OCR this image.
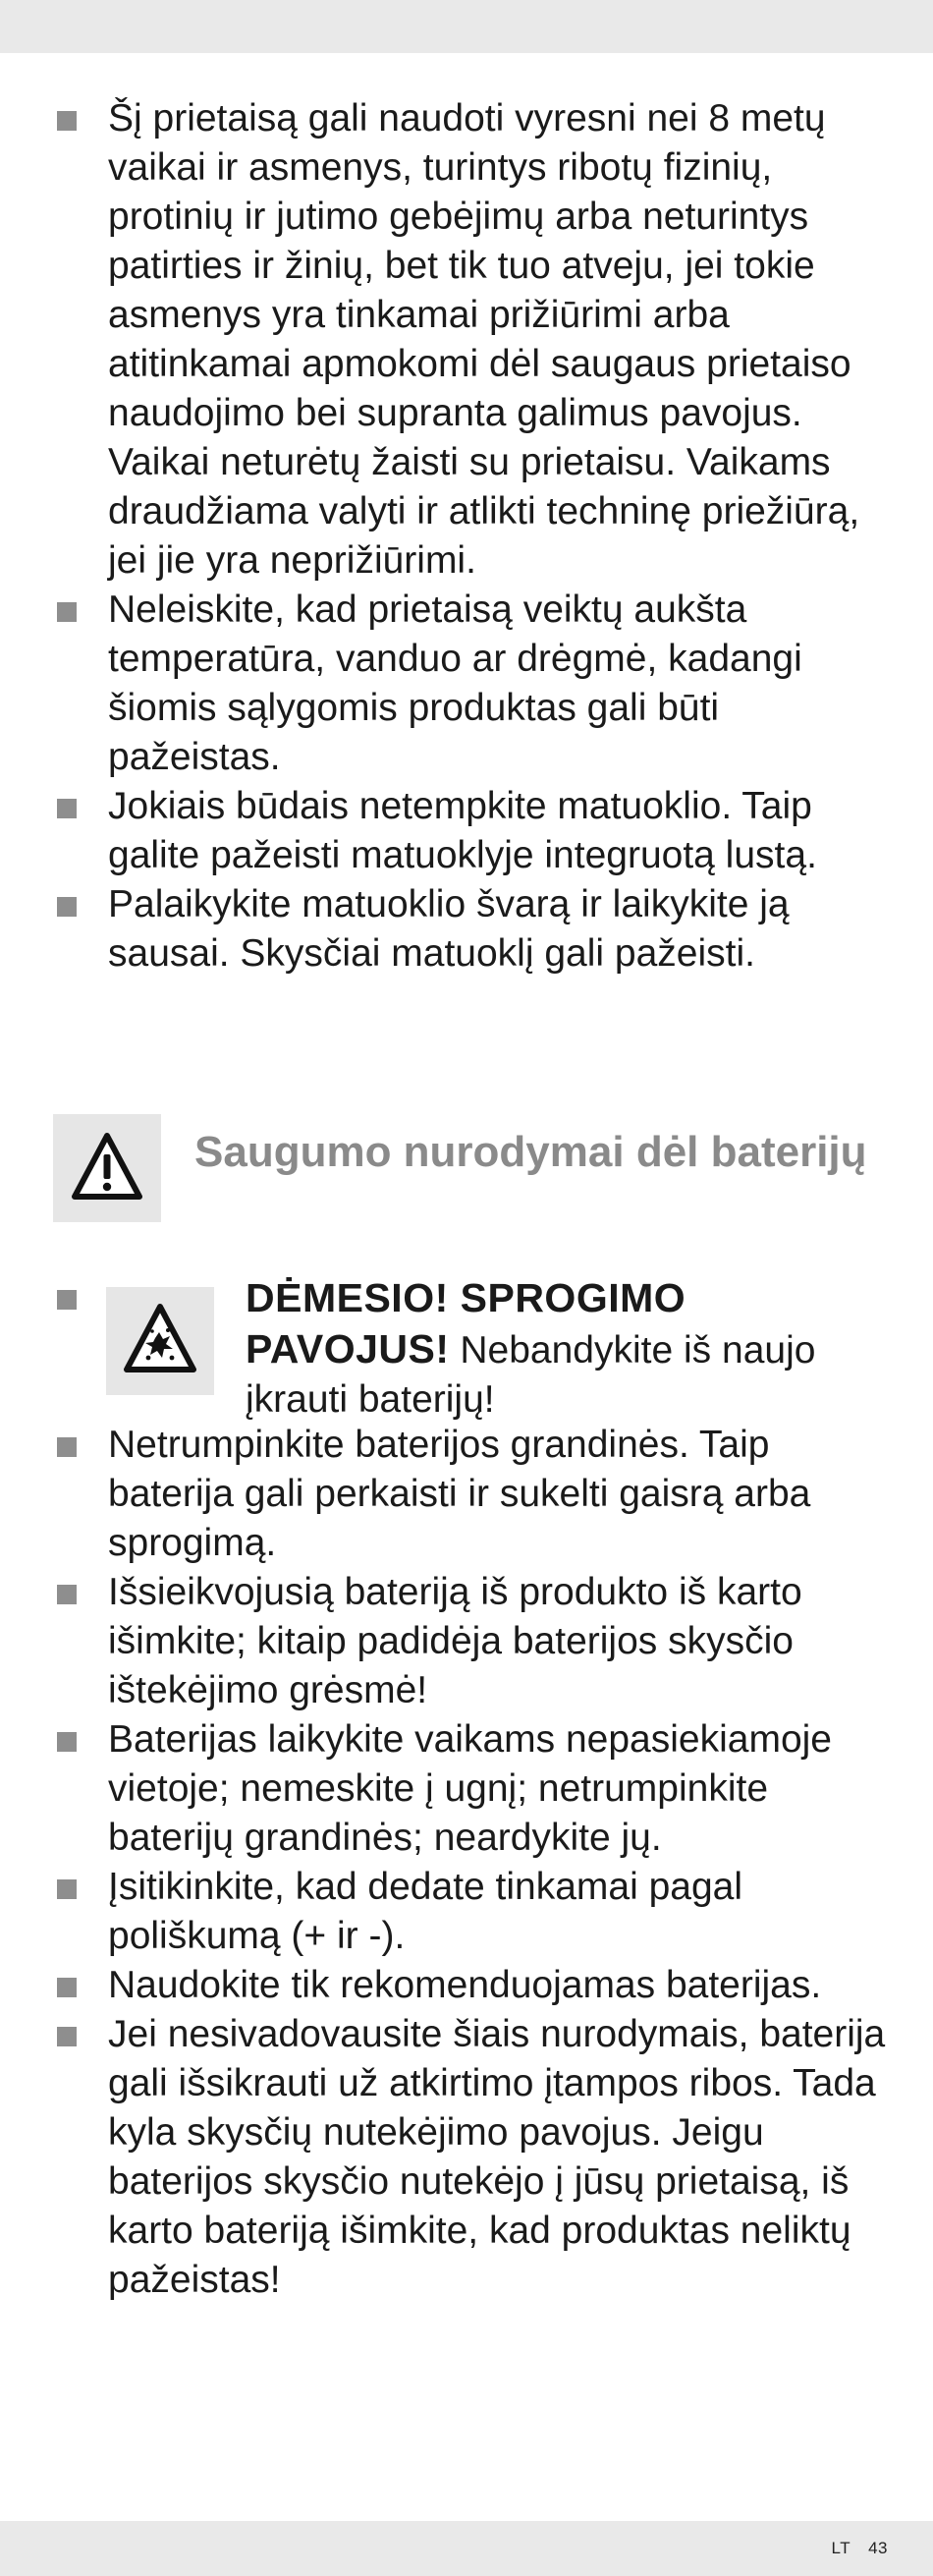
Šį prietaisą gali naudoti vyresni nei 8 metų vaikai ir asmenys, turintys ribotų fizinių, protinių ir jutimo gebėjimų arba neturintys patirties ir žinių, bet tik tuo atveju, jei tokie asmenys yra tinkamai prižiūrimi arba atitinkamai apmokomi dėl saugaus prietaiso naudojimo bei supranta galimus pavojus. Vaikai neturėtų žaisti su prietaisu. Vaikams draudžiama valyti ir atlikti techninę priežiūrą, jei jie yra neprižiūrimi.
Neleiskite, kad prietaisą veiktų aukšta temperatūra, vanduo ar drėgmė, kadangi šiomis sąlygomis produktas gali būti pažeistas.
Jokiais būdais netempkite matuoklio. Taip galite pažeisti matuoklyje integruotą lustą.
Palaikykite matuoklio švarą ir laikykite ją sausai. Skysčiai matuoklį gali pažeisti.
Saugumo nurodymai dėl baterijų
DĖMESIO! SPROGIMO PAVOJUS! Nebandykite iš naujo įkrauti baterijų!
Netrumpinkite baterijos grandinės. Taip baterija gali perkaisti ir sukelti gaisrą arba sprogimą.
Išsieikvojusią bateriją iš produkto iš karto išimkite; kitaip padidėja baterijos skysčio ištekėjimo grėsmė!
Baterijas laikykite vaikams nepasiekiamoje vietoje; nemeskite į ugnį; netrumpinkite baterijų grandinės; neardykite jų.
Įsitikinkite, kad dedate tinkamai pagal poliškumą (+ ir -).
Naudokite tik rekomenduojamas baterijas.
Jei nesivadovausite šiais nurodymais, baterija gali išsikrauti už atkirtimo įtampos ribos. Tada kyla skysčių nutekėjimo pavojus. Jeigu baterijos skysčio nutekėjo į jūsų prietaisą, iš karto bateriją išimkite, kad produktas neliktų pažeistas!
LT 43
